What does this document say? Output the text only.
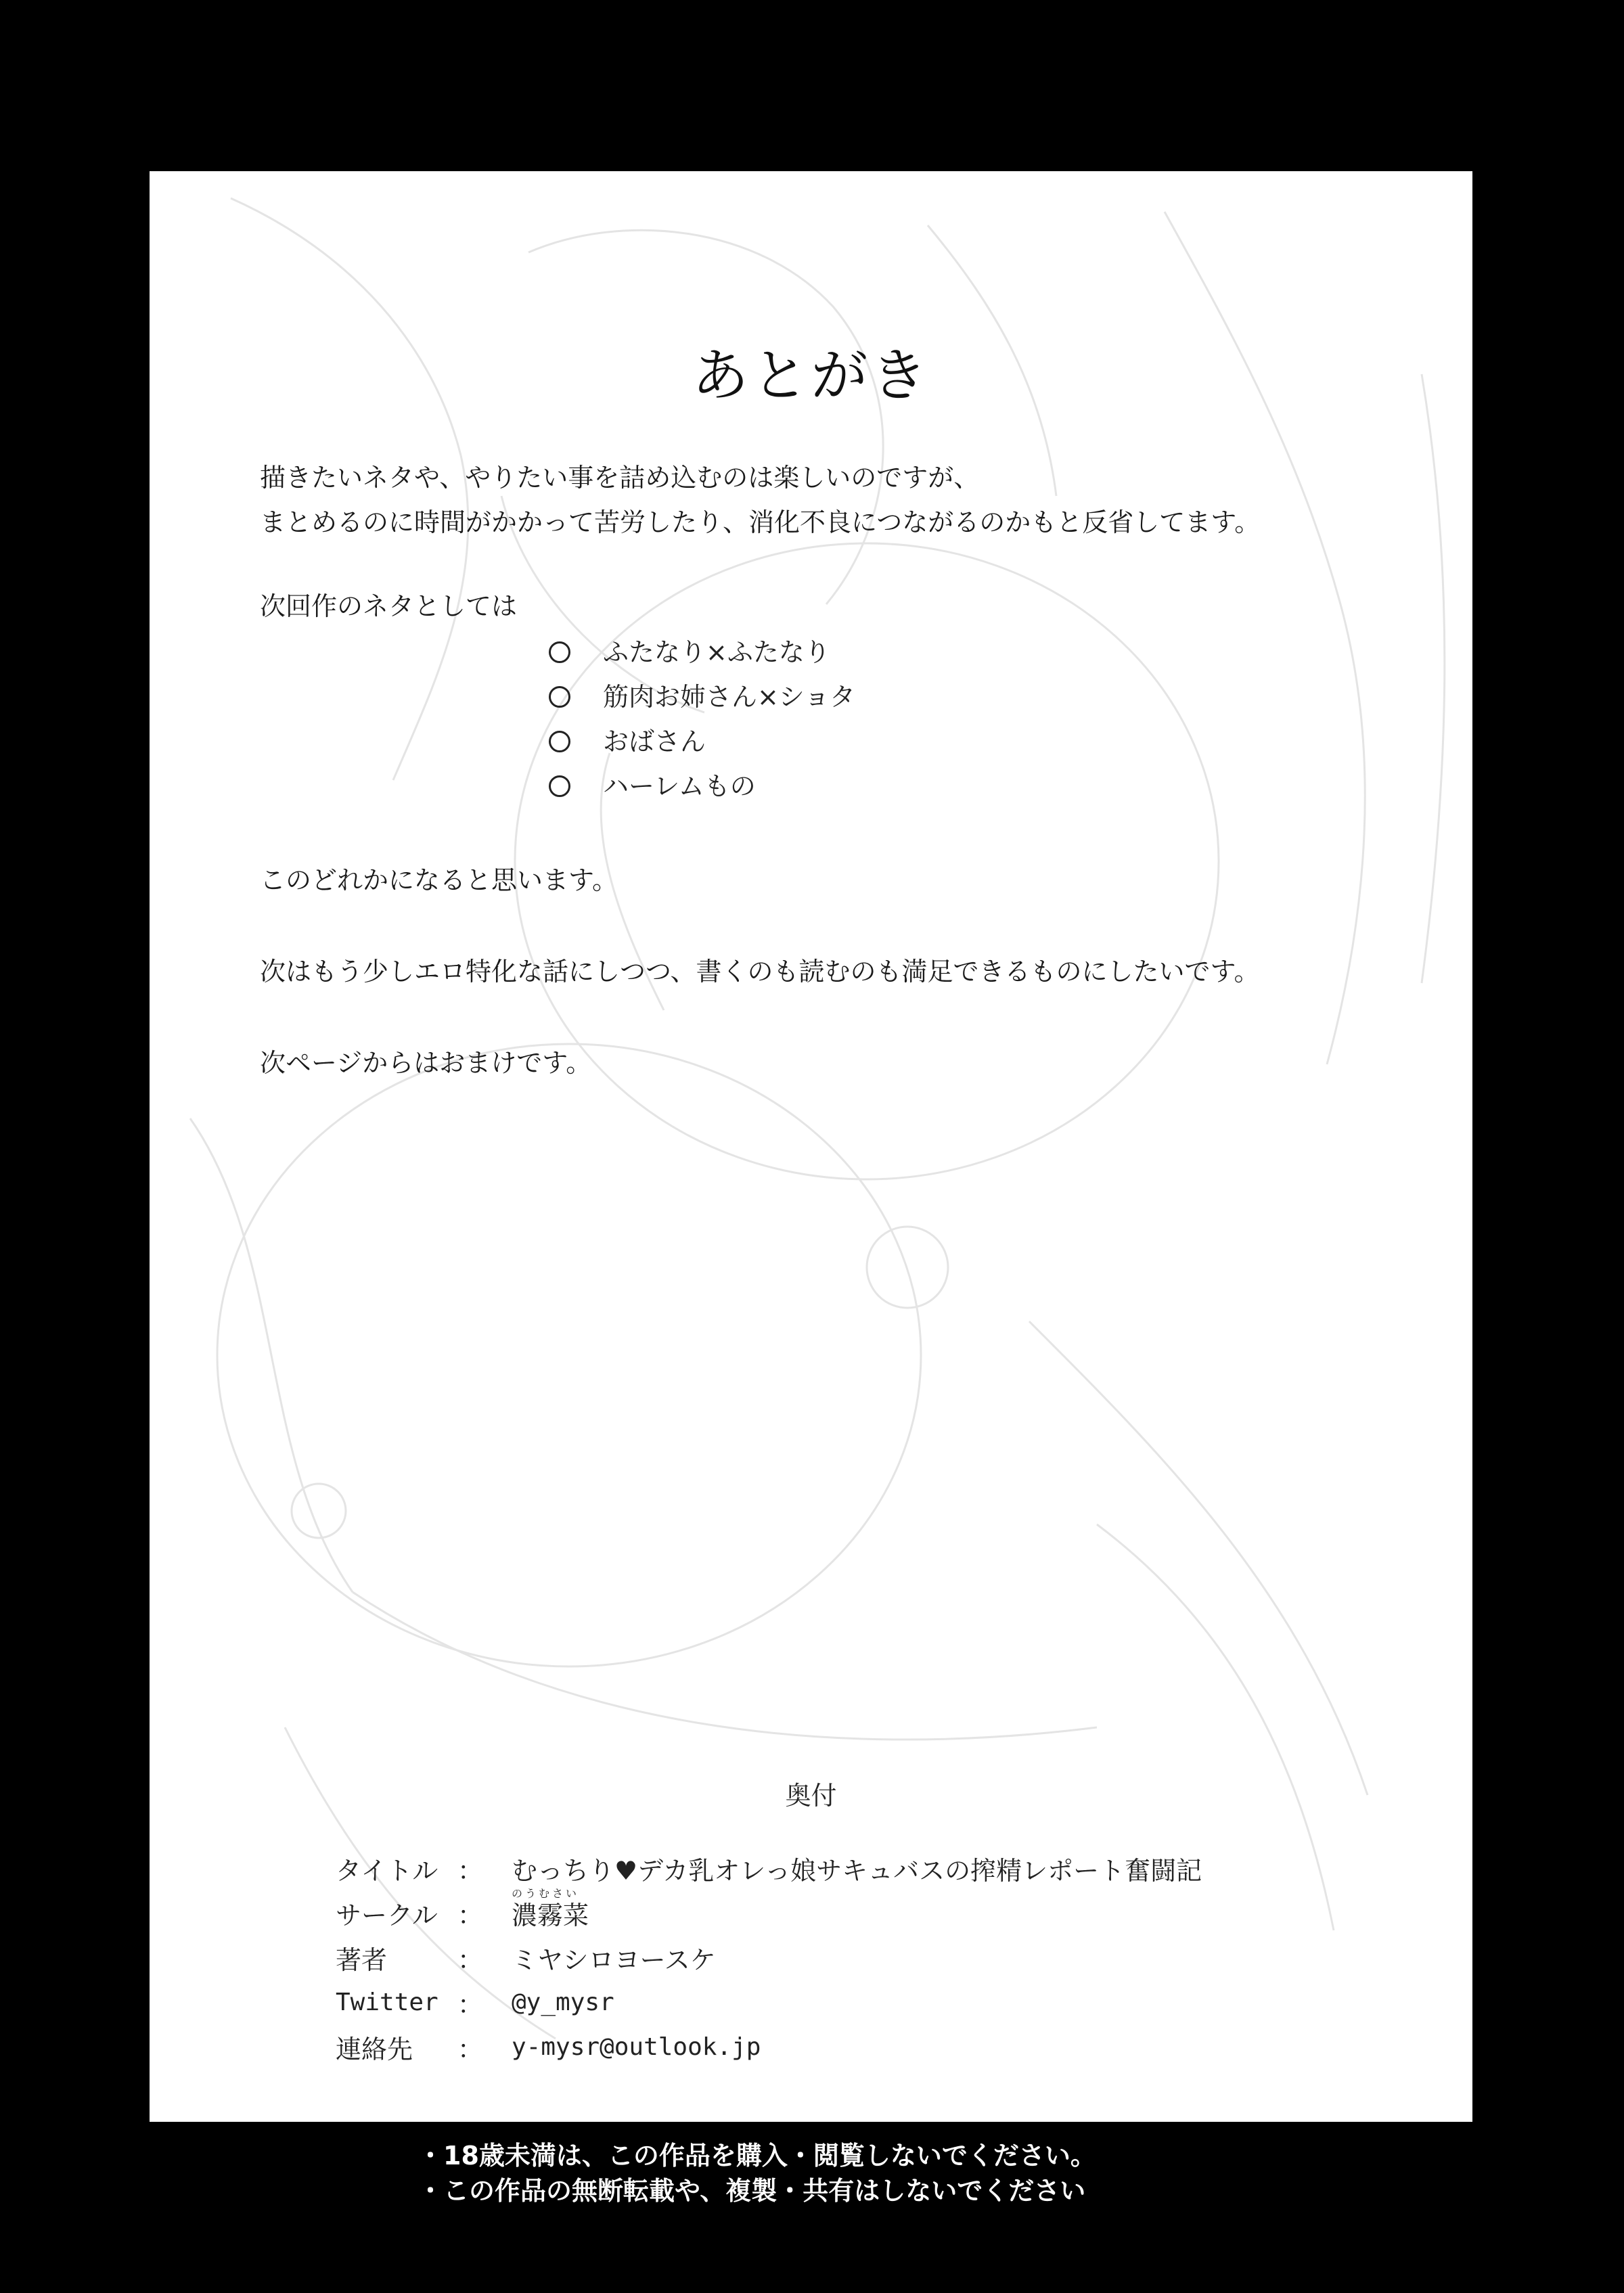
あとがき
描きたいネタや、やりたい事を詰め込むのは楽しいのですが、
まとめるのに時間がかかって苦労したり、消化不良につながるのかもと反省してます。
次回作のネタとしては
ふたなり×ふたなり
筋肉お姉さん×ショタ
おばさん
ハーレムもの
このどれかになると思います。
次はもう少しエロ特化な話にしつつ、書くのも読むのも満足できるものにしたいです。
次ページからはおまけです。
奥付
タイトル ：	むっちり♥デカ乳オレっ娘サキュバスの搾精レポート奮闘記
のうむさい
サークル ：	濃霧菜
著者	：	ミヤシロヨースケ
Twitter ：	@y_mysr
連絡先	：	y-mysr@outlook.jp
・18歳未満は、この作品を購入・閲覧しないでください。
・この作品の無断転載や、複製・共有はしないでください
